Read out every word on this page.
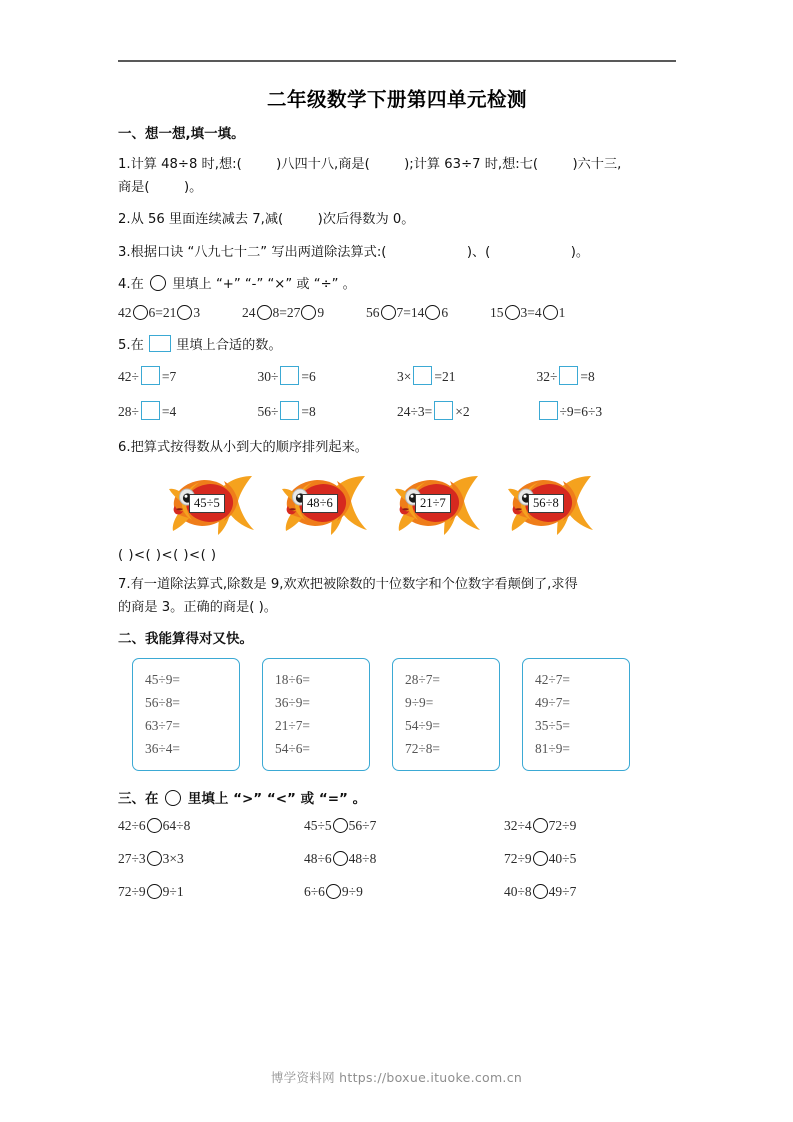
二年级数学下册第四单元检测
一、想一想,填一填。
1.计算 48÷8 时,想:(	)八四十八,商是(	);计算 63÷7 时,想:七(	)六十三,
商是(	)。
2.从 56 里面连续减去 7,减(	)次后得数为 0。
3.根据口诀 “八九七十二” 写出两道除法算式:(	)、(	)。
4.在 里填上 “+” “-” “×” 或 “÷” 。
42 6=21 3	24 8=27 9	56 7=14 6	15 3=4 1
5.在 里填上合适的数。
42÷ =7	30÷ =6	3× =21	32÷ =8
28÷ =4	56÷ =8	24÷3= ×2	÷9=6÷3
6.把算式按得数从小到大的顺序排列起来。
45÷5	48÷6	21÷7	56÷8
( )<( )<( )<( )
7.有一道除法算式,除数是 9,欢欢把被除数的十位数字和个位数字看颠倒了,求得
的商是 3。正确的商是( )。
二、我能算得对又快。
45÷9=
56÷8=
63÷7=
36÷4=
18÷6=
36÷9=
21÷7=
54÷6=
28÷7=
9÷9=
54÷9=
72÷8=
42÷7=
49÷7=
35÷5=
81÷9=
三、在 里填上 “>” “<” 或 “=” 。
42÷6 64÷8	45÷5 56÷7	32÷4 72÷9
27÷3 3×3	48÷6 48÷8	72÷9 40÷5
72÷9 9÷1	6÷6 9÷9	40÷8 49÷7
博学资料网 https://boxue.ituoke.com.cn
